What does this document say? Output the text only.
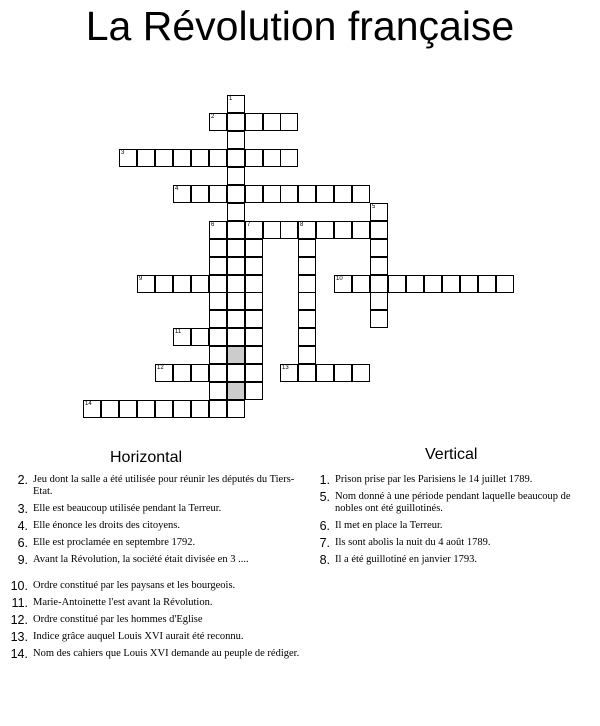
La Révolution française
2
3
4
6	7	8
9	10
11
12	13
14
1
5
Horizontal	Vertical
2. Jeu dont la salle a été utilisée pour réunir les députés du Tiers-Etat.
3. Elle est beaucoup utilisée pendant la Terreur.
4. Elle énonce les droits des citoyens.
6. Elle est proclamée en septembre 1792.
9. Avant la Révolution, la société était divisée en 3 ....
10. Ordre constitué par les paysans et les bourgeois.
11. Marie-Antoinette l'est avant la Révolution.
12. Ordre constitué par les hommes d'Eglise
13. Indice grâce auquel Louis XVI aurait été reconnu.
14. Nom des cahiers que Louis XVI demande au peuple de rédiger.
1. Prison prise par les Parisiens le 14 juillet 1789.
5. Nom donné à une période pendant laquelle beaucoup de nobles ont été guillotinés.
6. Il met en place la Terreur.
7. Ils sont abolis la nuit du 4 août 1789.
8. Il a été guillotiné en janvier 1793.
